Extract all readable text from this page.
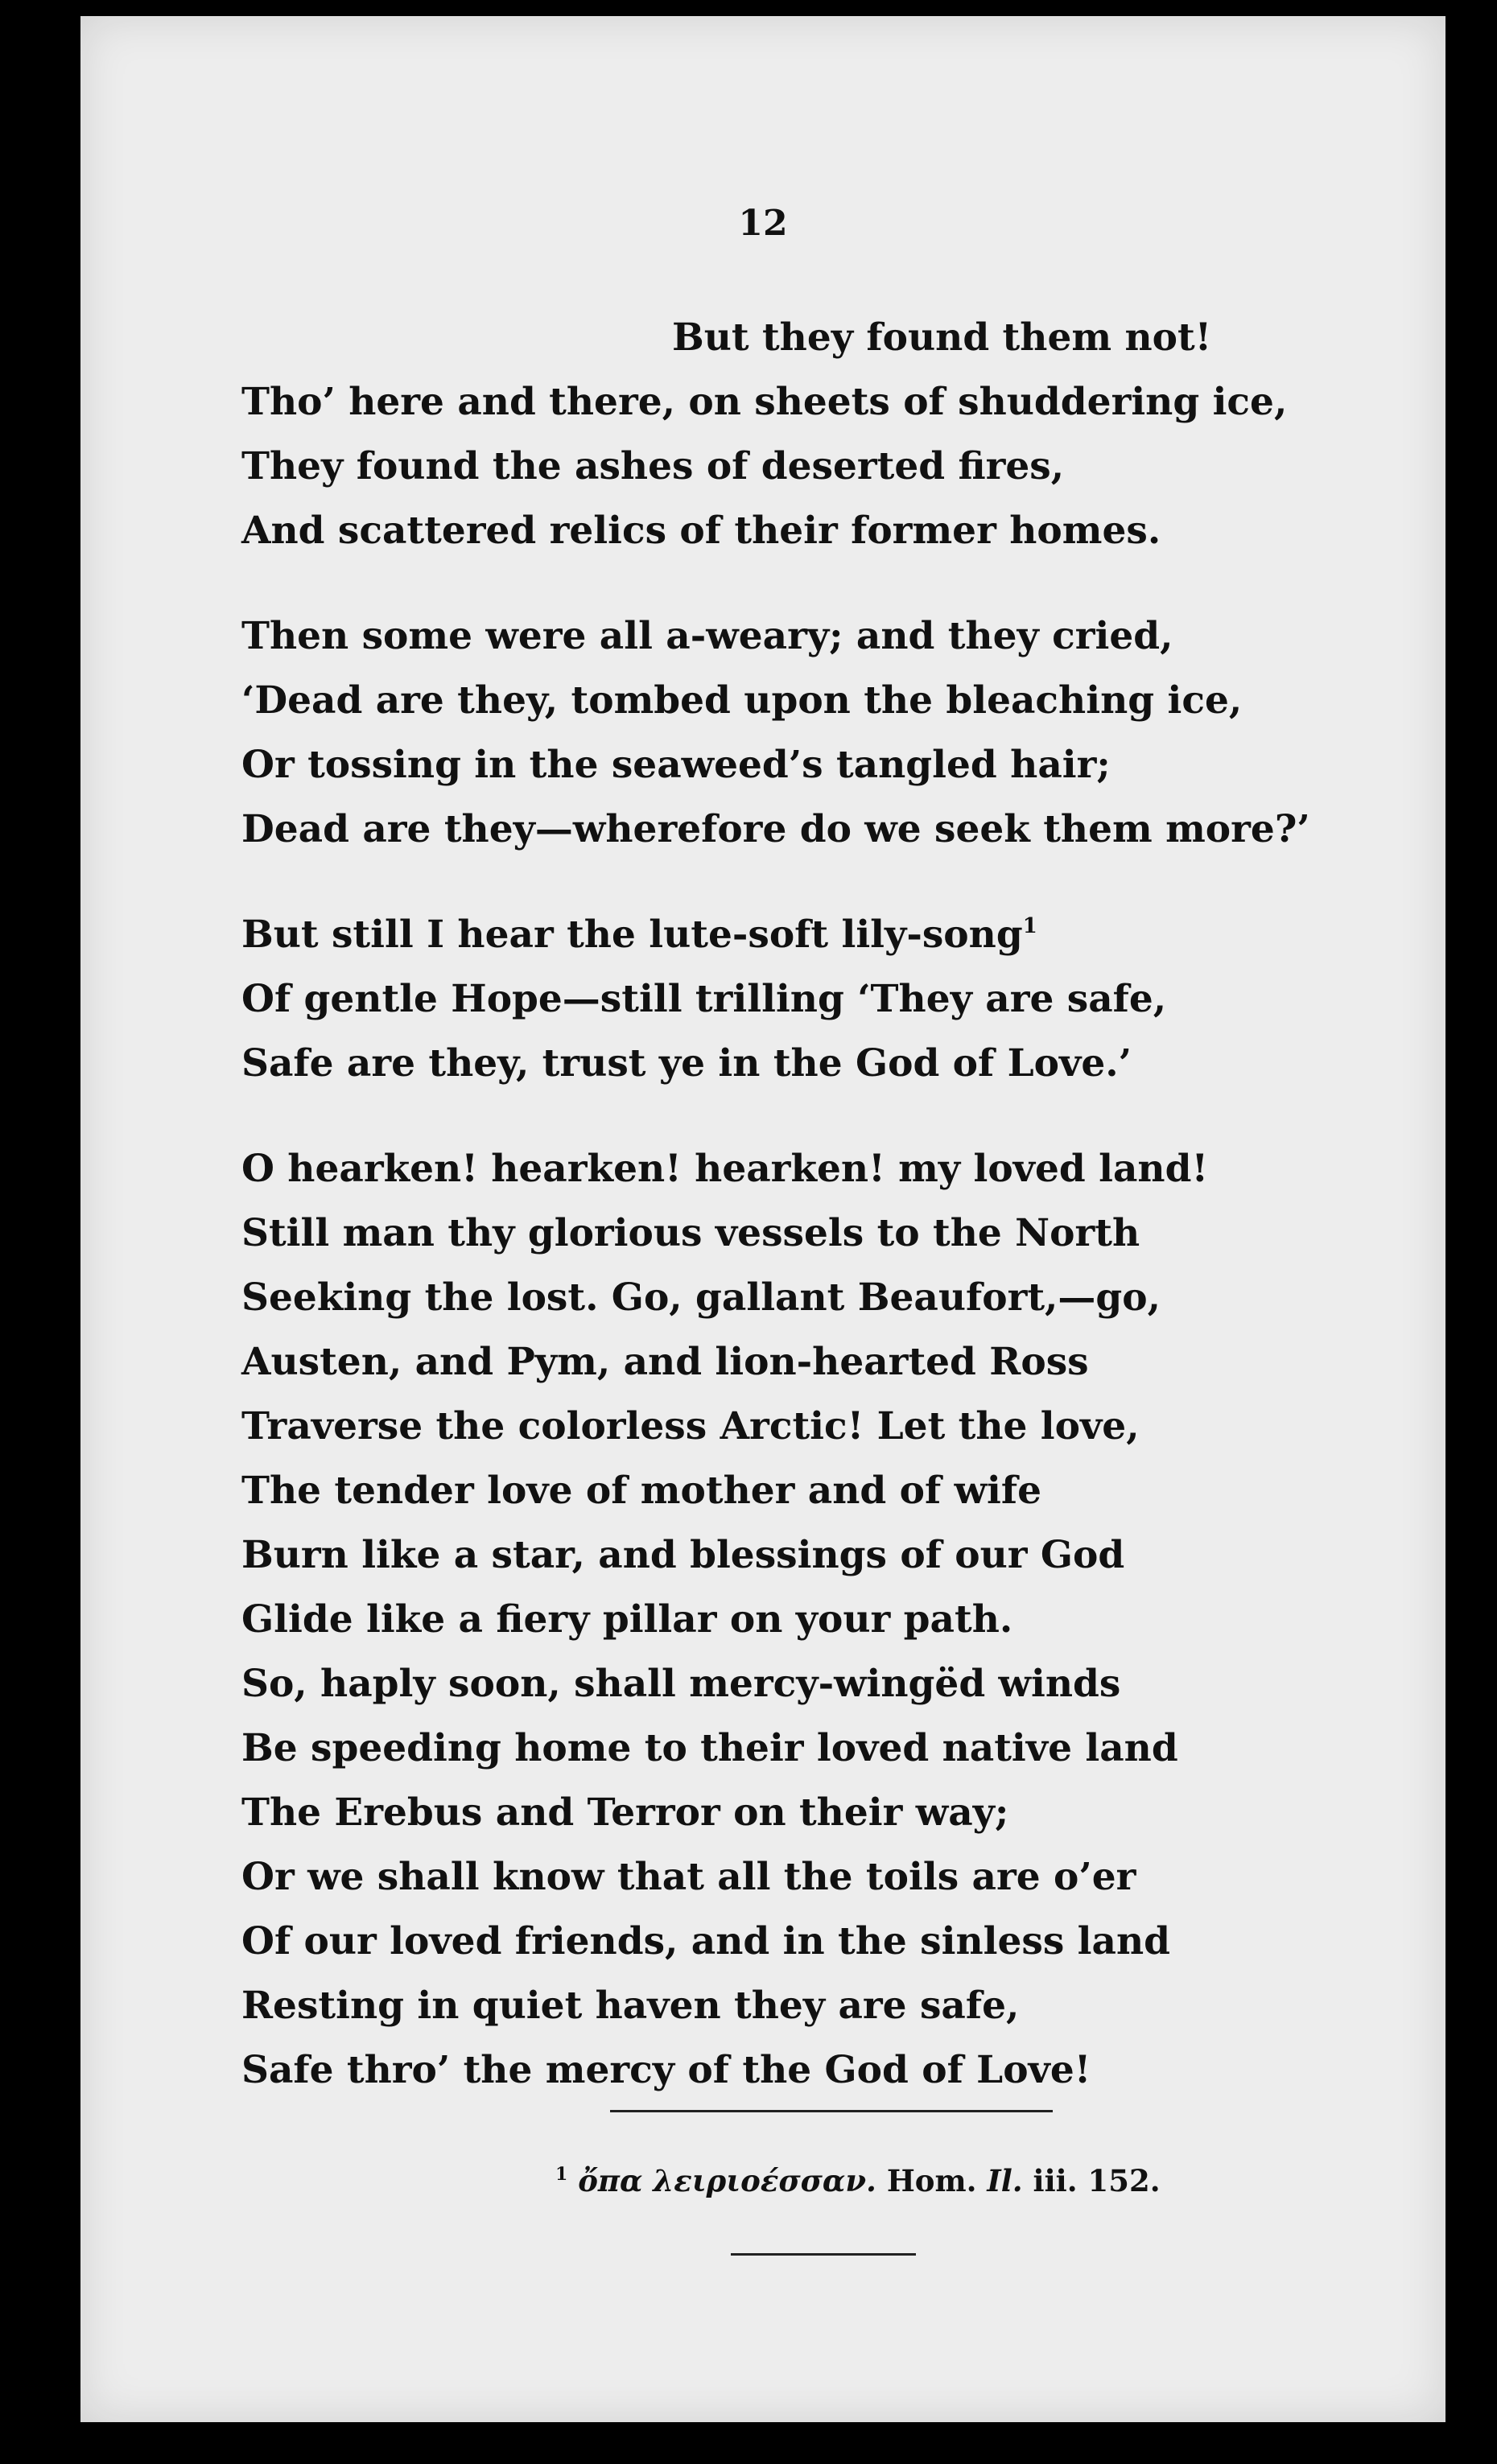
12
But they found them not!
Tho’ here and there, on sheets of shuddering ice,
They found the ashes of deserted fires,
And scattered relics of their former homes.
Then some were all a-weary; and they cried,
‘Dead are they, tombed upon the bleaching ice,
Or tossing in the seaweed’s tangled hair;
Dead are they—wherefore do we seek them more?’
But still I hear the lute-soft lily-song$^1$
Of gentle Hope—still trilling ‘They are safe,
Safe are they, trust ye in the God of Love.’
O hearken! hearken! hearken! my loved land!
Still man thy glorious vessels to the North
Seeking the lost. Go, gallant Beaufort,—go,
Austen, and Pym, and lion-hearted Ross
Traverse the colorless Arctic! Let the love,
The tender love of mother and of wife
Burn like a star, and blessings of our God
Glide like a fiery pillar on your path.
So, haply soon, shall mercy-wingëd winds
Be speeding home to their loved native land
The Erebus and Terror on their way;
Or we shall know that all the toils are o’er
Of our loved friends, and in the sinless land
Resting in quiet haven they are safe,
Safe thro’ the mercy of the God of Love!
$^1$ ὄπα λειριοέσσαν. Hom. Il. iii. 152.
